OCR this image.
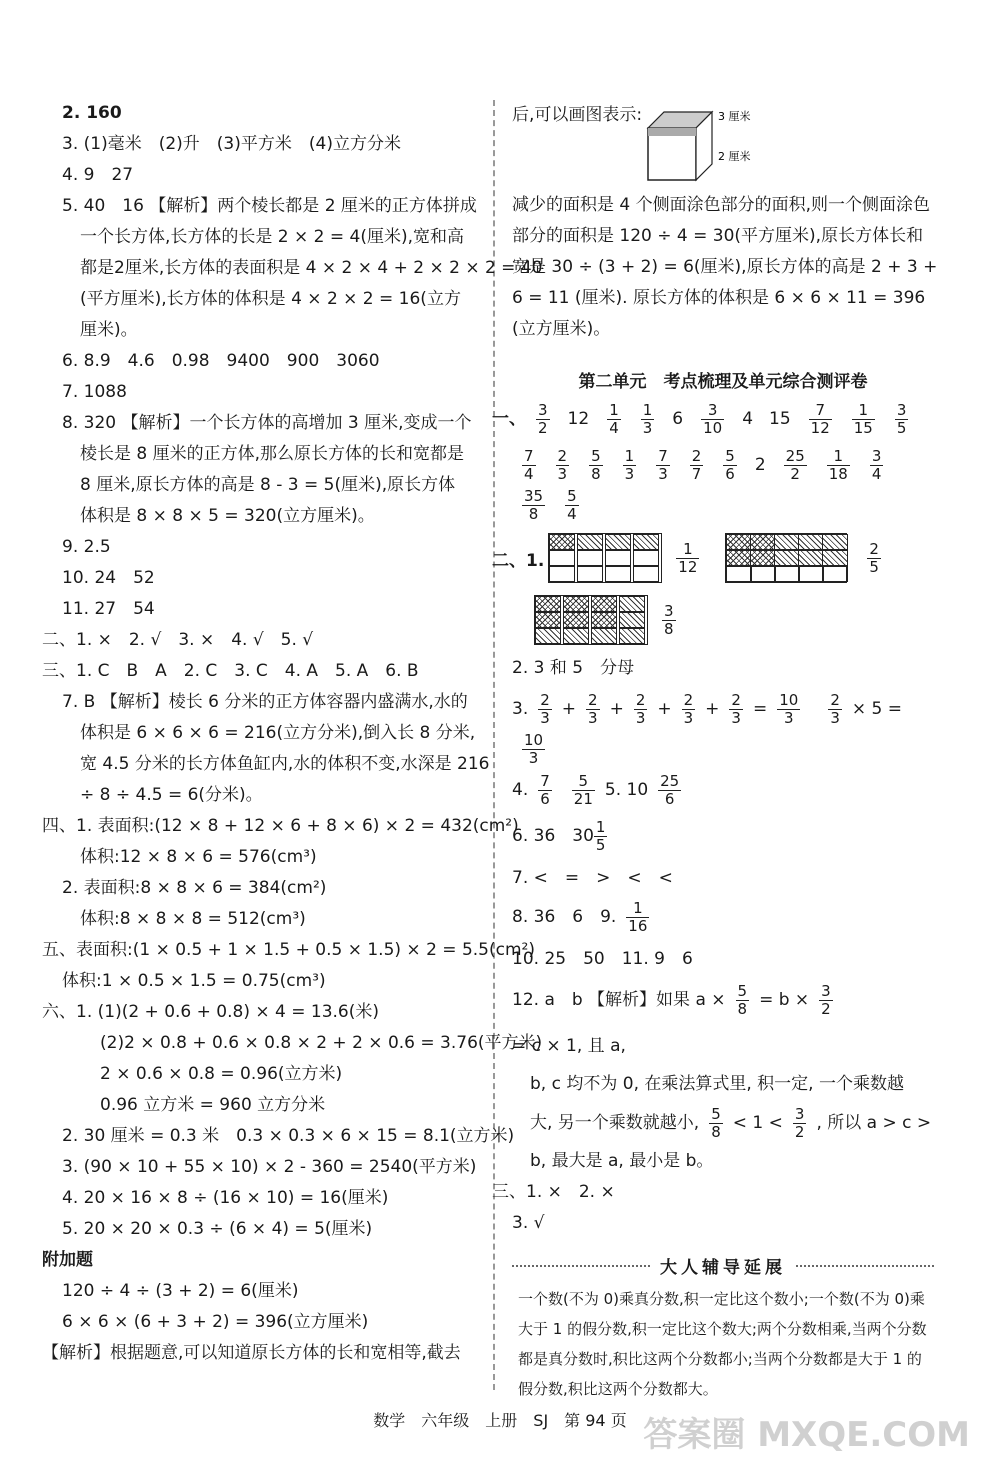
2. 160
3. (1)毫米　(2)升　(3)平方米　(4)立方分米
4. 9　27
5. 40　16 【解析】两个棱长都是 2 厘米的正方体拼成
一个长方体,长方体的长是 2 × 2 = 4(厘米),宽和高
都是2厘米,长方体的表面积是 4 × 2 × 4 + 2 × 2 × 2 = 40
(平方厘米),长方体的体积是 4 × 2 × 2 = 16(立方
厘米)。
6. 8.9　4.6　0.98　9400　900　3060
7. 1088
8. 320 【解析】一个长方体的高增加 3 厘米,变成一个
棱长是 8 厘米的正方体,那么原长方体的长和宽都是
8 厘米,原长方体的高是 8 - 3 = 5(厘米),原长方体
体积是 8 × 8 × 5 = 320(立方厘米)。
9. 2.5
10. 24　52
11. 27　54
二、1. ×　2. √　3. ×　4. √　5. √
三、1. C　B　A　2. C　3. C　4. A　5. A　6. B
7. B 【解析】棱长 6 分米的正方体容器内盛满水,水的
体积是 6 × 6 × 6 = 216(立方分米),倒入长 8 分米,
宽 4.5 分米的长方体鱼缸内,水的体积不变,水深是 216
÷ 8 ÷ 4.5 = 6(分米)。
四、1. 表面积:(12 × 8 + 12 × 6 + 8 × 6) × 2 = 432(cm²)
体积:12 × 8 × 6 = 576(cm³)
2. 表面积:8 × 8 × 6 = 384(cm²)
体积:8 × 8 × 8 = 512(cm³)
五、表面积:(1 × 0.5 + 1 × 1.5 + 0.5 × 1.5) × 2 = 5.5(cm²)
体积:1 × 0.5 × 1.5 = 0.75(cm³)
六、1. (1)(2 + 0.6 + 0.8) × 4 = 13.6(米)
(2)2 × 0.8 + 0.6 × 0.8 × 2 + 2 × 0.6 = 3.76(平方米)
2 × 0.6 × 0.8 = 0.96(立方米)
0.96 立方米 = 960 立方分米
2. 30 厘米 = 0.3 米　0.3 × 0.3 × 6 × 15 = 8.1(立方米)
3. (90 × 10 + 55 × 10) × 2 - 360 = 2540(平方米)
4. 20 × 16 × 8 ÷ (16 × 10) = 16(厘米)
5. 20 × 20 × 0.3 ÷ (6 × 4) = 5(厘米)
附加题
120 ÷ 4 ÷ (3 + 2) = 6(厘米)
6 × 6 × (6 + 3 + 2) = 396(立方厘米)
【解析】根据题意,可以知道原长方体的长和宽相等,截去
后,可以画图表示:	3 厘米
2 厘米
减少的面积是 4 个侧面涂色部分的面积,则一个侧面涂色
部分的面积是 120 ÷ 4 = 30(平方厘米),原长方体长和
宽是 30 ÷ (3 + 2) = 6(厘米),原长方体的高是 2 + 3 +
6 = 11 (厘米). 原长方体的体积是 6 × 6 × 11 = 396
(立方厘米)。
第二单元　考点梳理及单元综合测评卷
一、 $\frac{3}{2} 12 \frac{1}{4} \frac{1}{3} 6 \frac{3}{10} 4$ $15 \frac{7}{12} \frac{1}{15} \frac{3}{5}$
$\frac{7}{4} \frac{2}{3} \frac{5}{8} \frac{1}{3} \frac{7}{3} \frac{2}{7} \frac{5}{6} 2 \frac{25}{2} \frac{1}{18} \frac{3}{4}$
$\frac{35}{8} \frac{5}{4}$
二、1.	$\frac{1}{12}$	$\frac{2}{5}$
$\frac{3}{8}$
2. 3 和 5　分母
3. $\frac{2}{3} + \frac{2}{3} + \frac{2}{3} + \frac{2}{3} + \frac{2}{3} = \frac{10}{3} \frac{2}{3} \times 5$ =
$\frac{10}{3}$
4. $\frac{7}{6} \frac{5}{21} 5$. $10 \frac{25}{6}$
6. 36　$30 \frac{1}{5}$
7. <　=　>　<　<
8. 36　6　9. $\frac{1}{16}$
10. 25　50　11. 9　6
12. a　b 【解析】如果 $a \times \frac{5}{8} = b \times \frac{3}{2}$
= c × 1, 且 a,
b, c 均不为 0, 在乘法算式里, 积一定, 一个乘数越
大, 另一个乘数就越小, $\frac{5}{8} < 1 < \frac{3}{2}$ , 所以 a > c >
b, 最大是 a, 最小是 b。
三、1. ×　2. ×
3. √
大人辅导延展
一个数(不为 0)乘真分数,积一定比这个数小;一个数(不为 0)乘大于 1 的假分数,积一定比这个数大;两个分数相乘,当两个分数都是真分数时,积比这两个分数都小;当两个分数都是大于 1 的假分数,积比这两个分数都大。
数学　六年级　上册　SJ　第 94 页 答案圈 MXQE.COM
